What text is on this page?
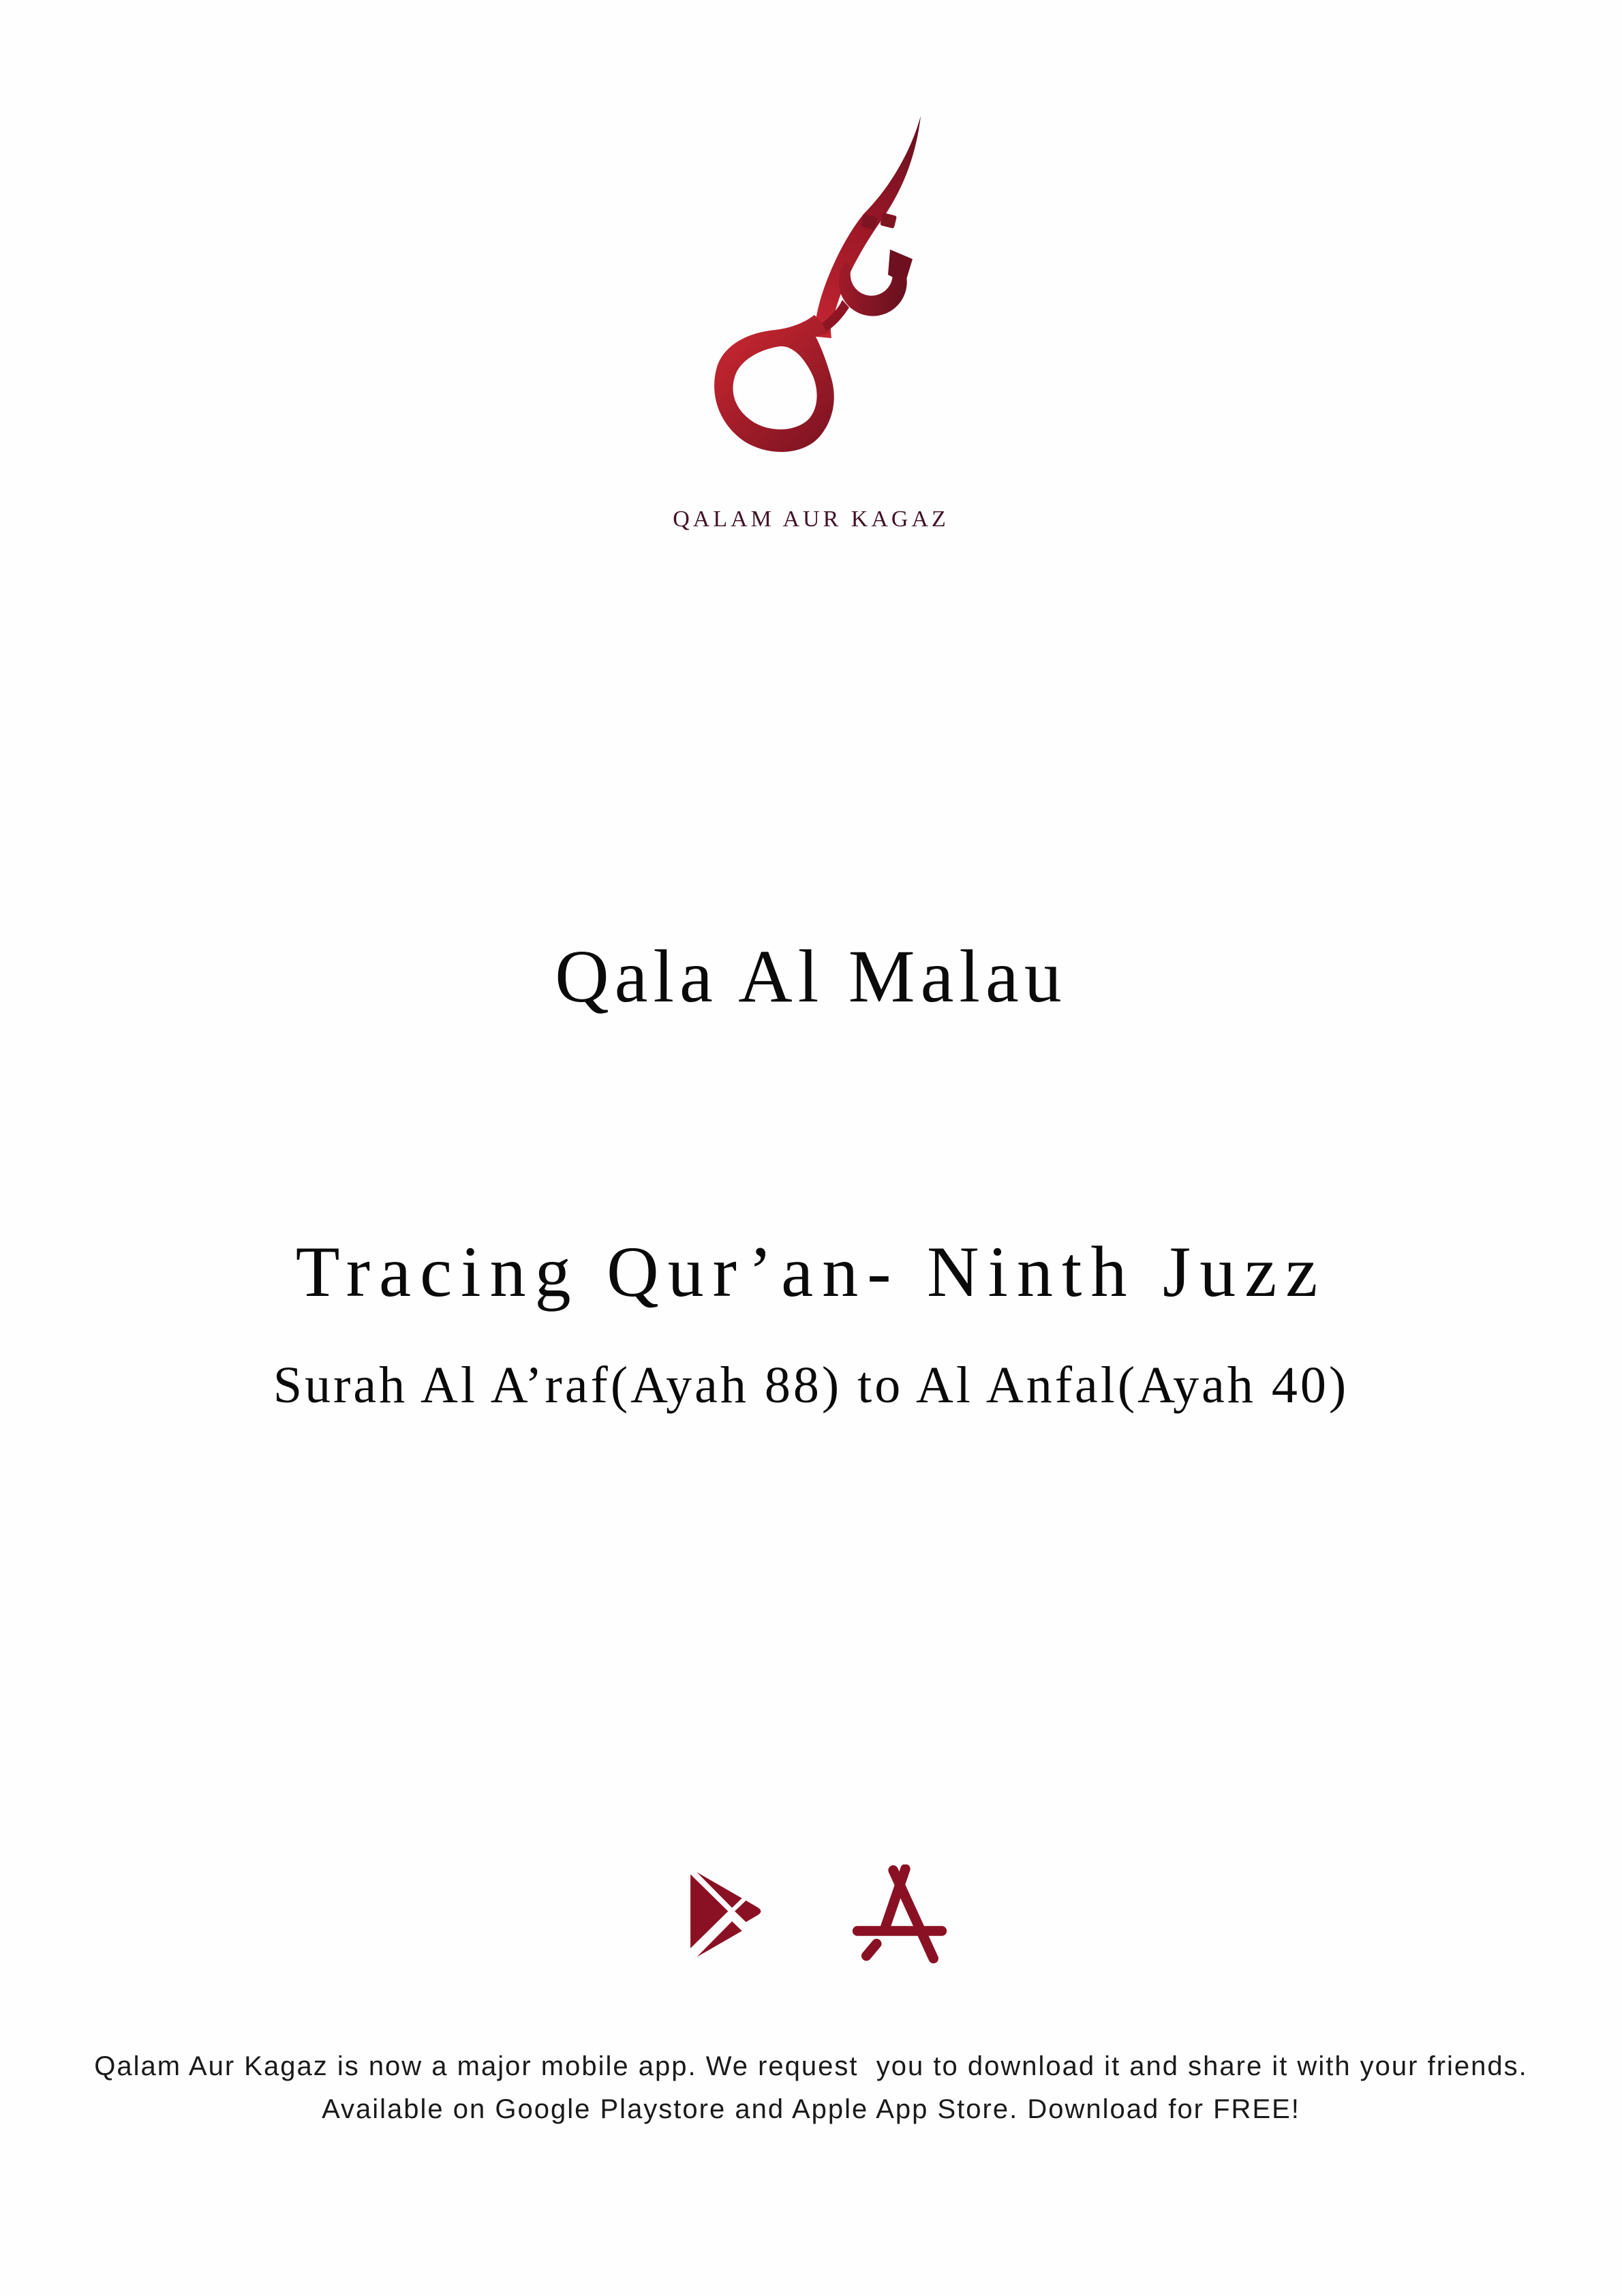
QALAM AUR KAGAZ
Qala Al Malau
Tracing Qur’an- Ninth Juzz
Surah Al A’raf(Ayah 88) to Al Anfal(Ayah 40)

Qalam Aur Kagaz is now a major mobile app. We request  you to download it and share it with your friends.

Available on Google Playstore and Apple App Store. Download for FREE!
